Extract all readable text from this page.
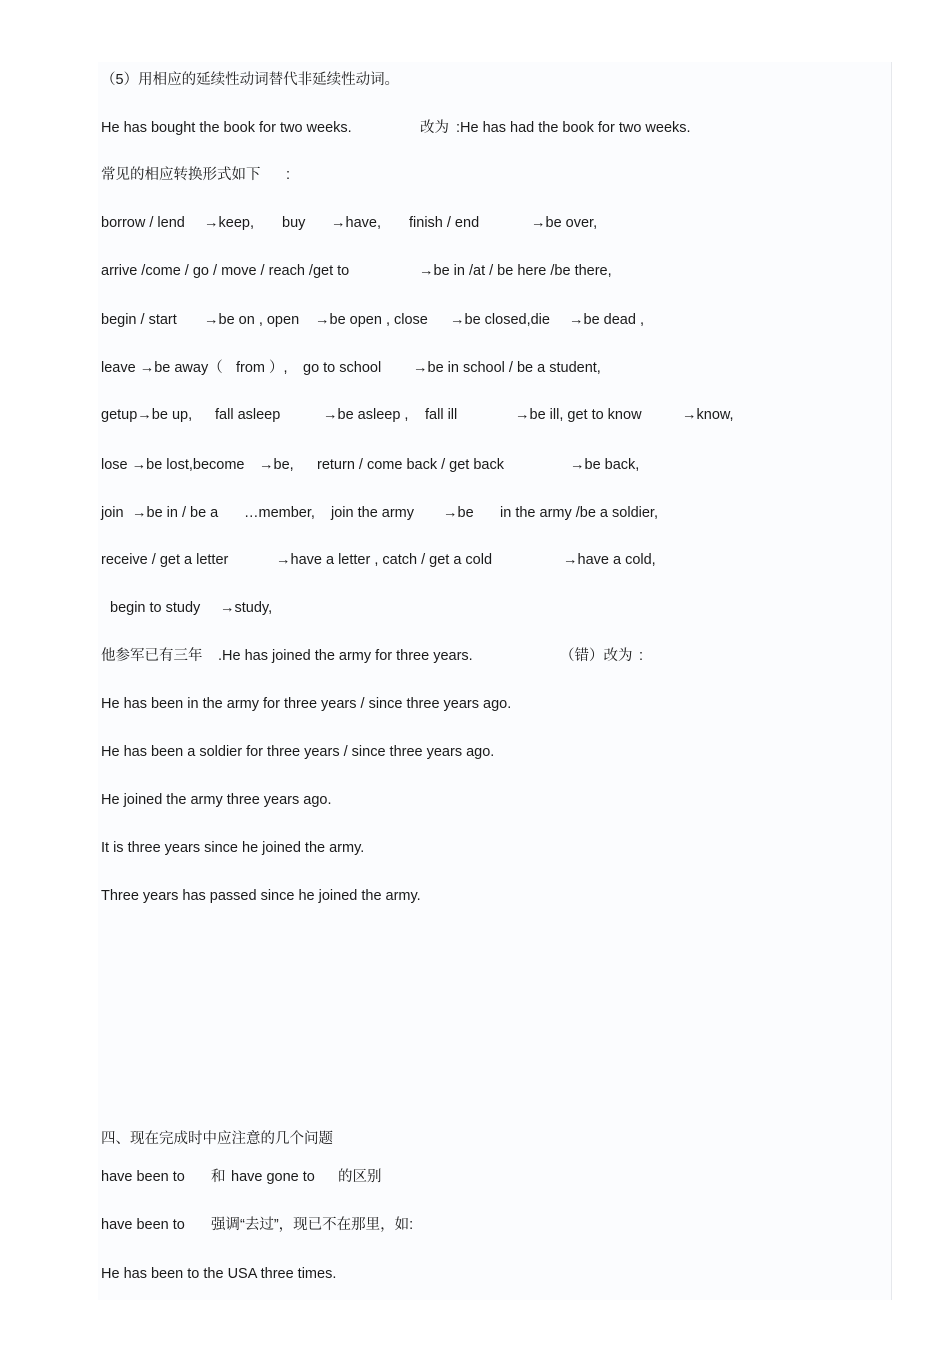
（5）用相应的延续性动词替代非延续性动词。
He has bought the book for two weeks.	改为 :He has had the book for two weeks.
常见的相应转换形式如下 :
borrow / lend →keep, buy →have, finish / end	→be over,
arrive /come / go / move / reach /get to	→be in /at / be here /be there,
begin / start →be on , open →be open , close →be closed,die →be dead ,
leave →be away（ from ）, go to school →be in school / be a student,
getup→be up, fall asleep	→be asleep , fall ill	→be ill, get to know	→know,
lose →be lost,become →be, return / come back / get back	→be back,
join →be in / be a …member, join the army →be in the army /be a soldier,
receive / get a letter	→have a letter , catch / get a cold	→have a cold,
begin to study →study,
他参军已有三年 .He has joined the army for three years.	（错）改为 :
He has been in the army for three years / since three years ago.
He has been a soldier for three years / since three years ago.
He joined the army three years ago.
It is three years since he joined the army.
Three years has passed since he joined the army.
四、现在完成时中应注意的几个问题
have been to 和 have gone to 的区别
have been to 强调“去过”，现已不在那里，如:
He has been to the USA three times.
